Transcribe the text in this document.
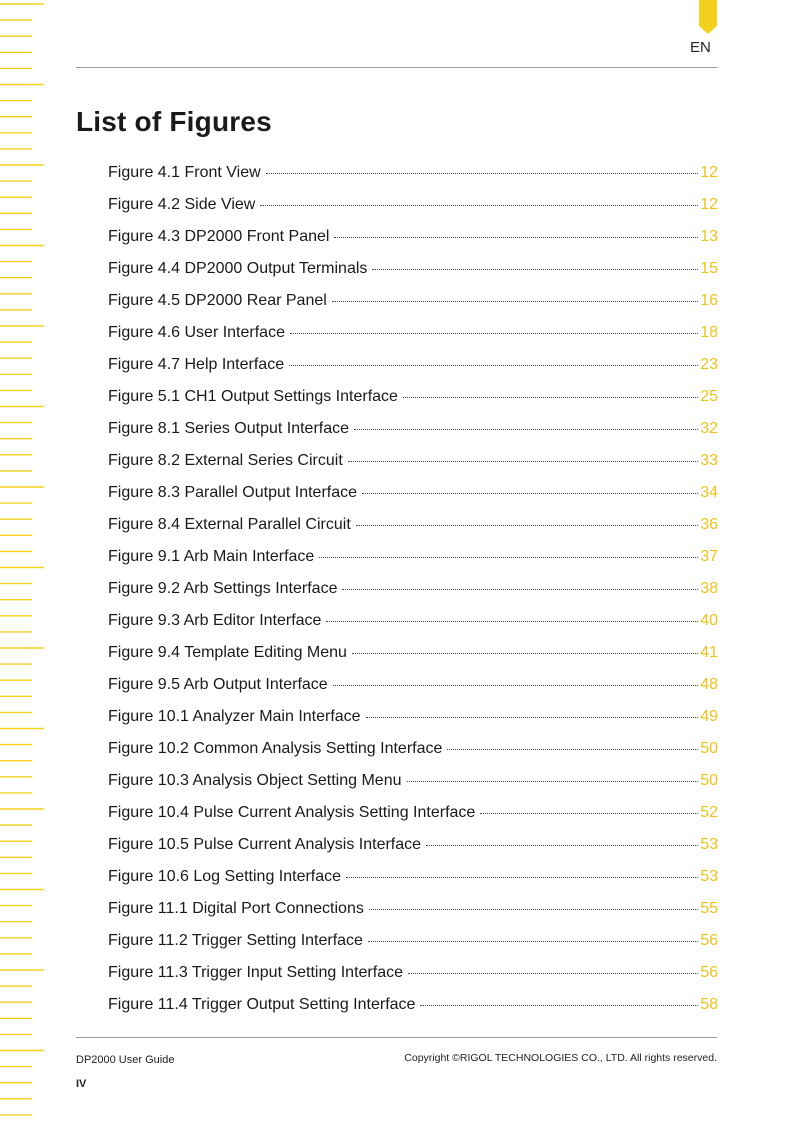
EN
List of Figures
Figure 4.1 Front View	12
Figure 4.2 Side View	12
Figure 4.3 DP2000 Front Panel	13
Figure 4.4 DP2000 Output Terminals	15
Figure 4.5 DP2000 Rear Panel	16
Figure 4.6 User Interface	18
Figure 4.7 Help Interface	23
Figure 5.1 CH1 Output Settings Interface	25
Figure 8.1 Series Output Interface	32
Figure 8.2 External Series Circuit	33
Figure 8.3 Parallel Output Interface	34
Figure 8.4 External Parallel Circuit	36
Figure 9.1 Arb Main Interface	37
Figure 9.2 Arb Settings Interface	38
Figure 9.3 Arb Editor Interface	40
Figure 9.4 Template Editing Menu	41
Figure 9.5 Arb Output Interface	48
Figure 10.1 Analyzer Main Interface	49
Figure 10.2 Common Analysis Setting Interface	50
Figure 10.3 Analysis Object Setting Menu	50
Figure 10.4 Pulse Current Analysis Setting Interface	52
Figure 10.5 Pulse Current Analysis Interface	53
Figure 10.6 Log Setting Interface	53
Figure 11.1 Digital Port Connections	55
Figure 11.2 Trigger Setting Interface	56
Figure 11.3 Trigger Input Setting Interface	56
Figure 11.4 Trigger Output Setting Interface	58
DP2000 User Guide	Copyright ©RIGOL TECHNOLOGIES CO., LTD. All rights reserved.
IV
